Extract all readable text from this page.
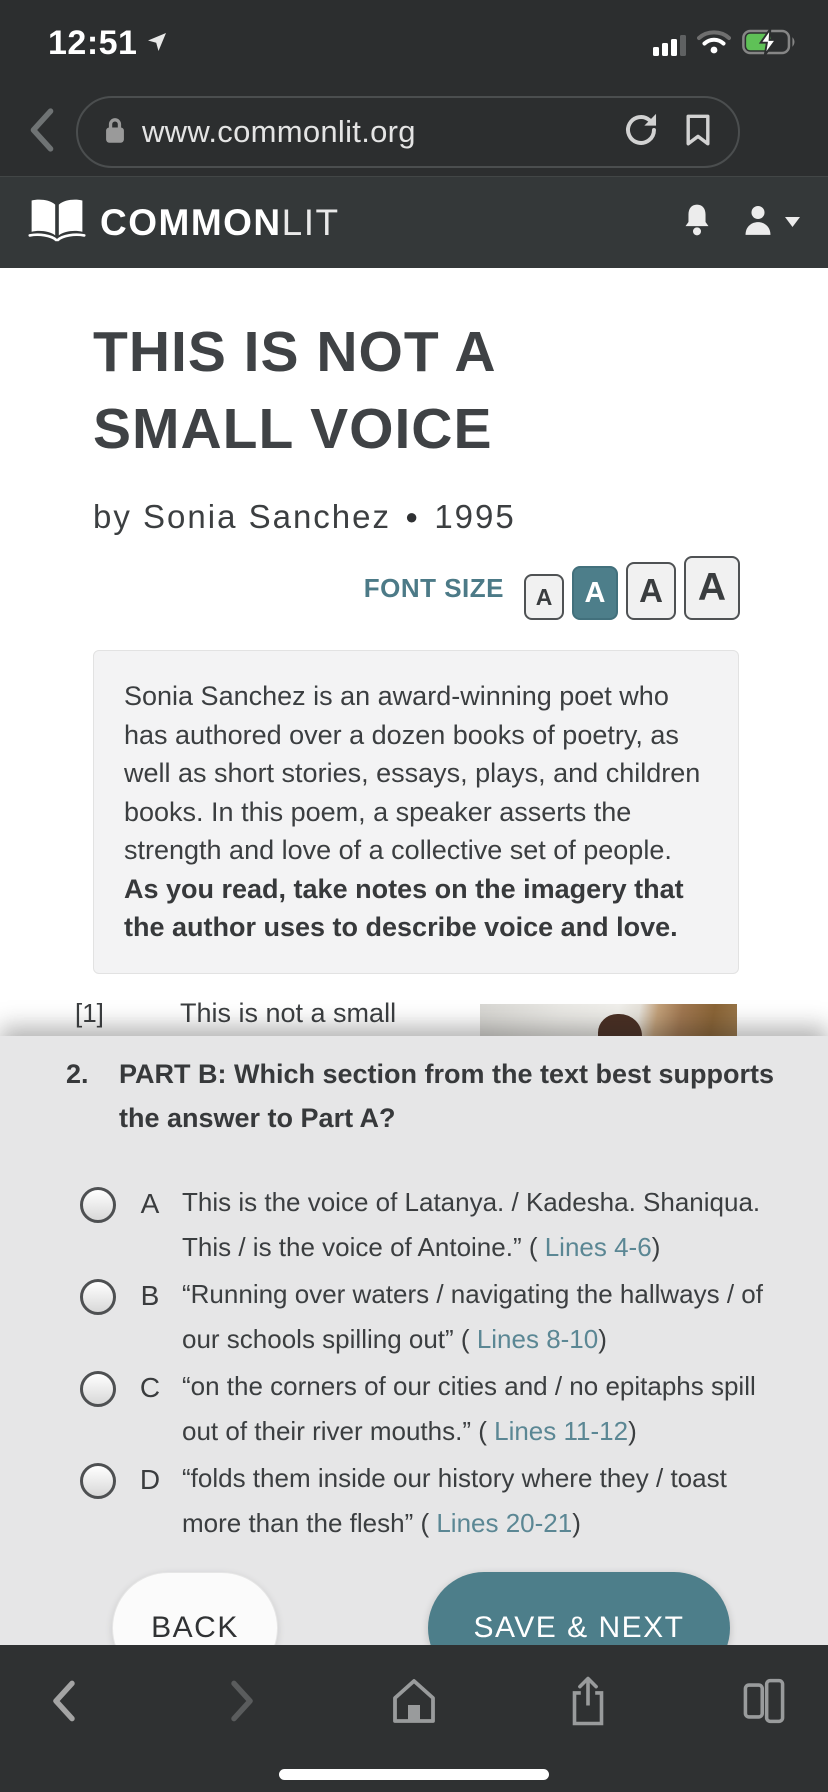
12:51
www.commonlit.org
COMMONLIT
THIS IS NOT A
SMALL VOICE
by Sonia Sanchez ● 1995
FONT SIZE	A	A	A A
Sonia Sanchez is an award-winning poet who has authored over a dozen books of poetry, as well as short stories, essays, plays, and children books. In this poem, a speaker asserts the strength and love of a collective set of people. As you read, take notes on the imagery that the author uses to describe voice and love.
[1]	This is not a small
2.	PART B: Which section from the text best supports
the answer to Part A?
A This is the voice of Latanya. / Kadesha. Shaniqua.
This / is the voice of Antoine.” ( Lines 4-6)
B “Running over waters / navigating the hallways / of
our schools spilling out” ( Lines 8-10)
C “on the corners of our cities and / no epitaphs spill
out of their river mouths.” ( Lines 11-12)
D “folds them inside our history where they / toast
more than the flesh” ( Lines 20-21)
BACK	SAVE & NEXT
